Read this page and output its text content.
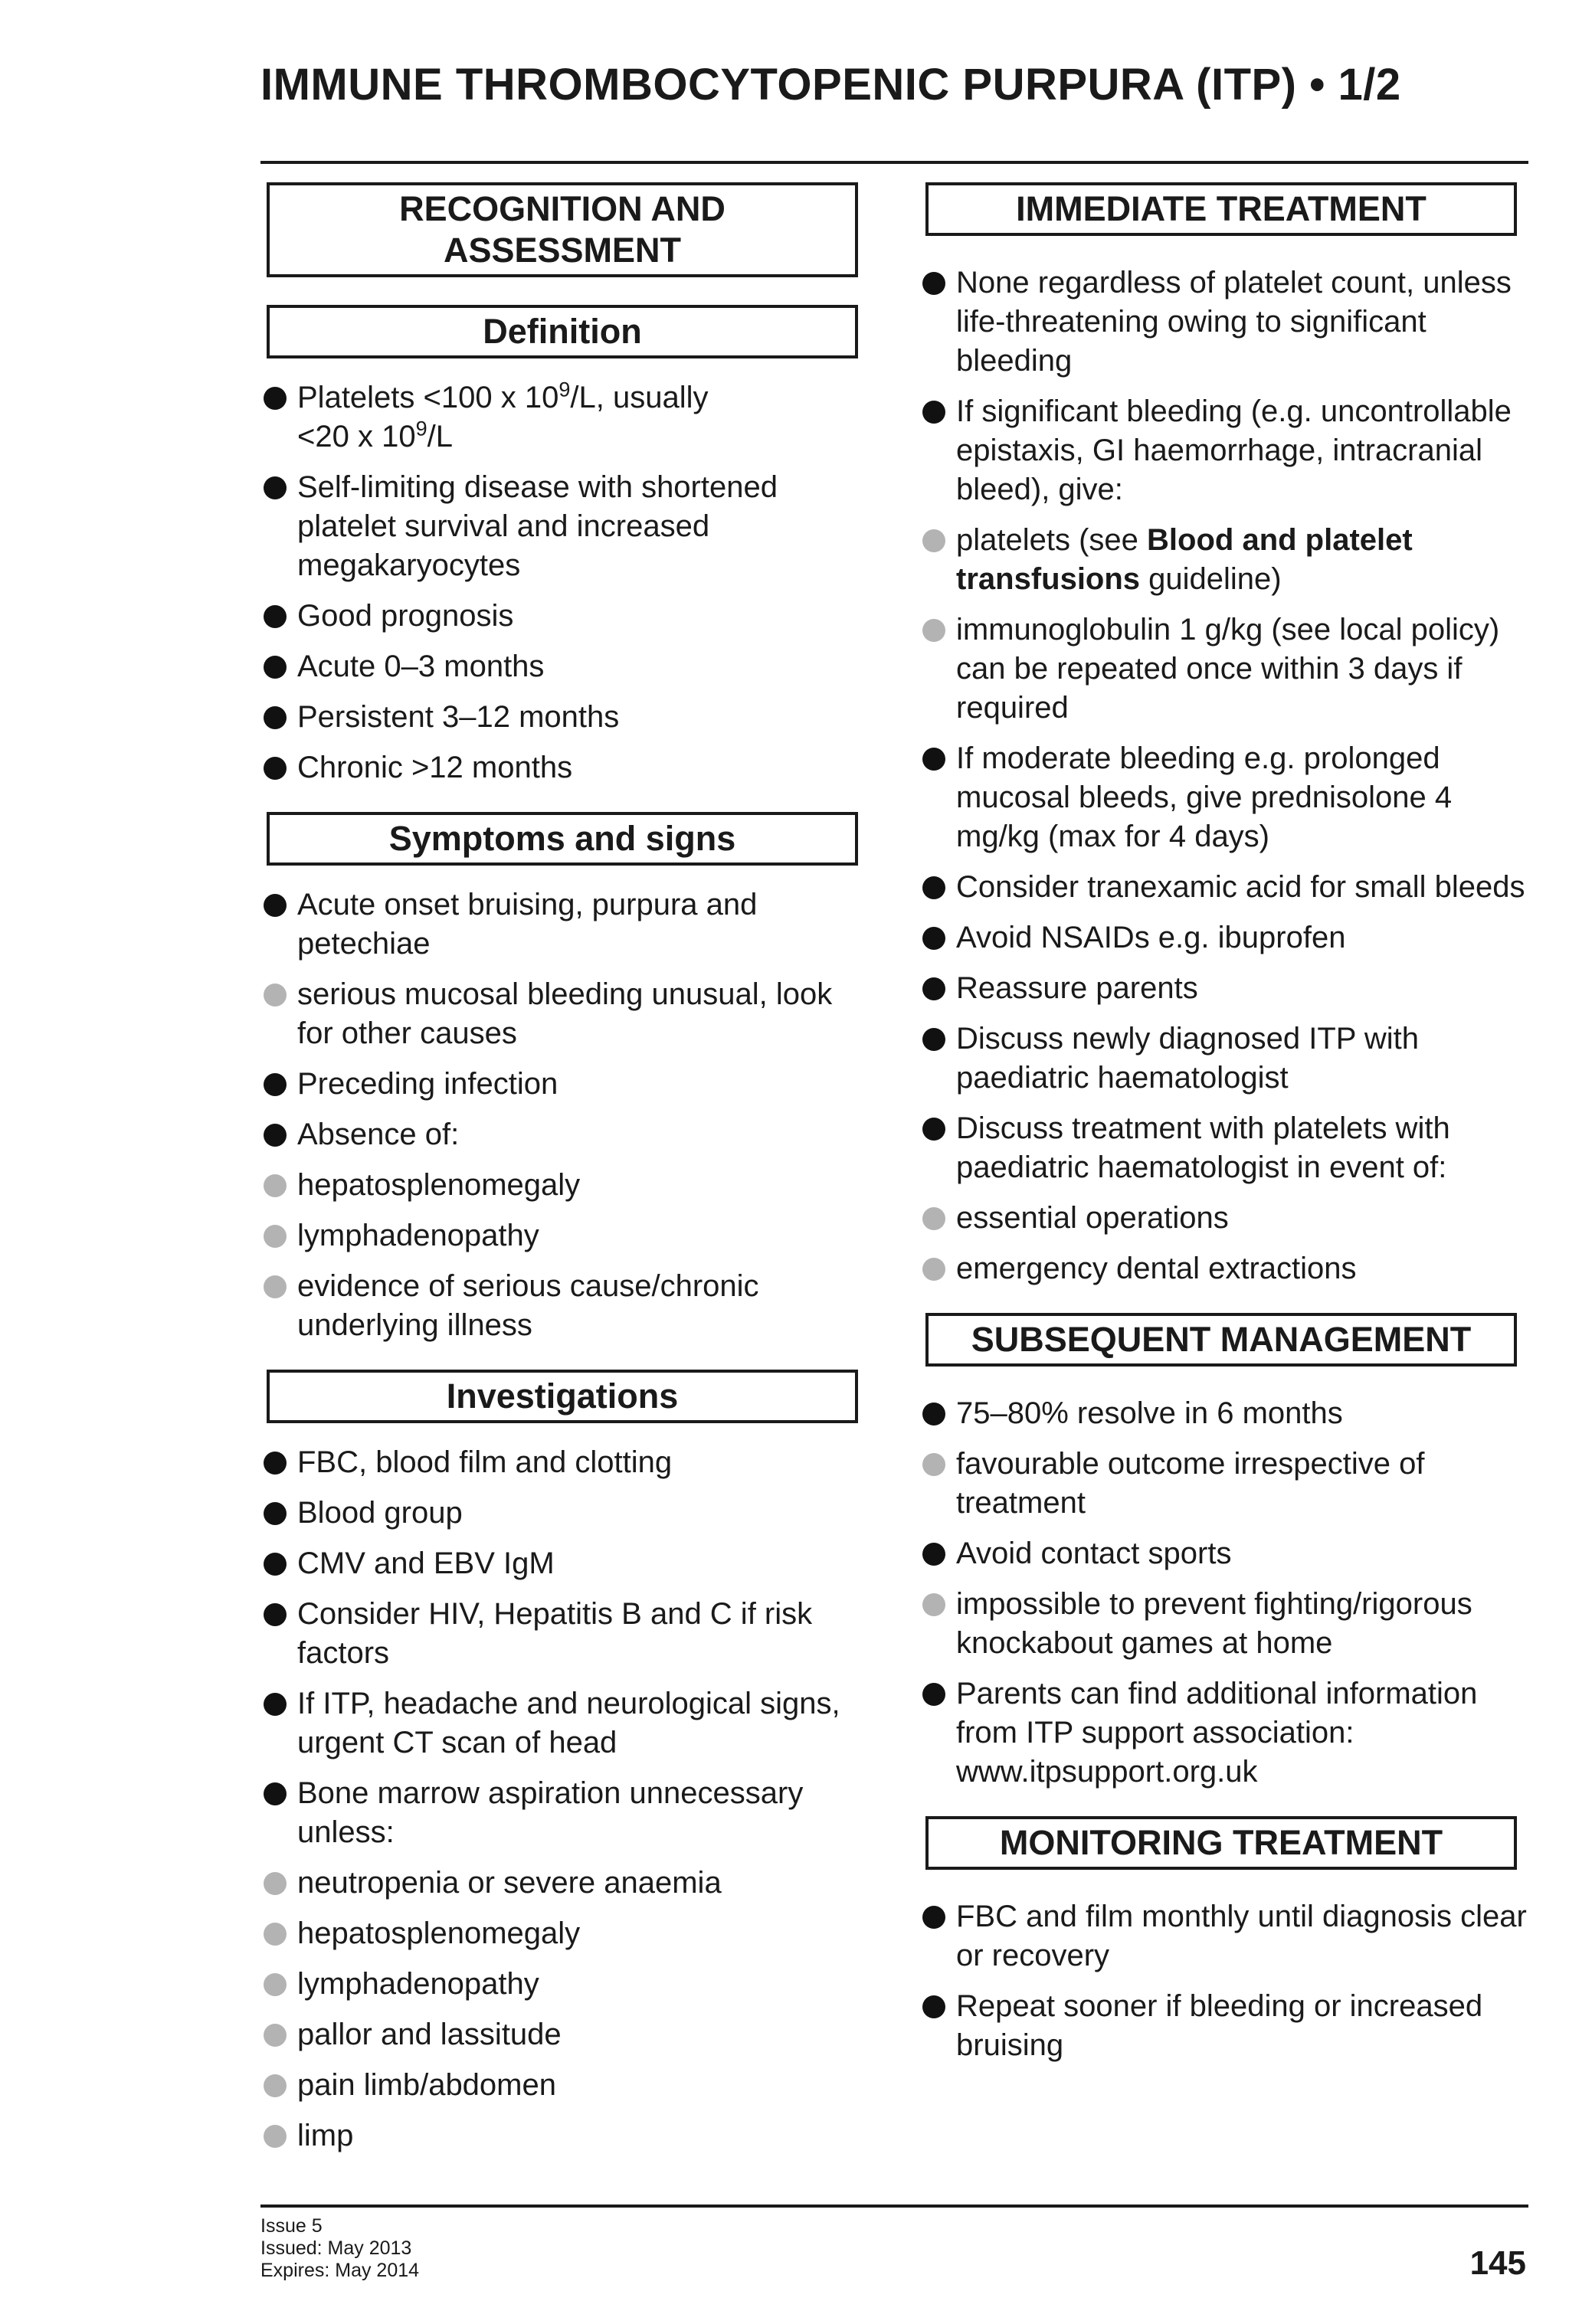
IMMUNE THROMBOCYTOPENIC PURPURA (ITP) • 1/2
RECOGNITION AND ASSESSMENT
Definition
Platelets <100 x $10^9/L$, usually
<20 x $10^9/L$
Self-limiting disease with shortened platelet survival and increased megakaryocytes
Good prognosis
Acute 0–3 months
Persistent 3–12 months
Chronic >12 months
Symptoms and signs
Acute onset bruising, purpura and petechiae
serious mucosal bleeding unusual, look for other causes
Preceding infection
Absence of:
hepatosplenomegaly
lymphadenopathy
evidence of serious cause/chronic underlying illness
Investigations
FBC, blood film and clotting
Blood group
CMV and EBV IgM
Consider HIV, Hepatitis B and C if risk factors
If ITP, headache and neurological signs, urgent CT scan of head
Bone marrow aspiration unnecessary unless:
neutropenia or severe anaemia
hepatosplenomegaly
lymphadenopathy
pallor and lassitude
pain limb/abdomen
limp
IMMEDIATE TREATMENT
None regardless of platelet count, unless life-threatening owing to significant bleeding
If significant bleeding (e.g. uncontrollable epistaxis, GI haemorrhage, intracranial bleed), give:
platelets (see Blood and platelet transfusions guideline)
immunoglobulin 1 g/kg (see local policy) can be repeated once within 3 days if required
If moderate bleeding e.g. prolonged mucosal bleeds, give prednisolone 4 mg/kg (max for 4 days)
Consider tranexamic acid for small bleeds
Avoid NSAIDs e.g. ibuprofen
Reassure parents
Discuss newly diagnosed ITP with paediatric haematologist
Discuss treatment with platelets with paediatric haematologist in event of:
essential operations
emergency dental extractions
SUBSEQUENT MANAGEMENT
75–80% resolve in 6 months
favourable outcome irrespective of treatment
Avoid contact sports
impossible to prevent fighting/rigorous knockabout games at home
Parents can find additional information from ITP support association: www.itpsupport.org.uk
MONITORING TREATMENT
FBC and film monthly until diagnosis clear or recovery
Repeat sooner if bleeding or increased bruising
Issue 5
Issued: May 2013
Expires: May 2014	145
